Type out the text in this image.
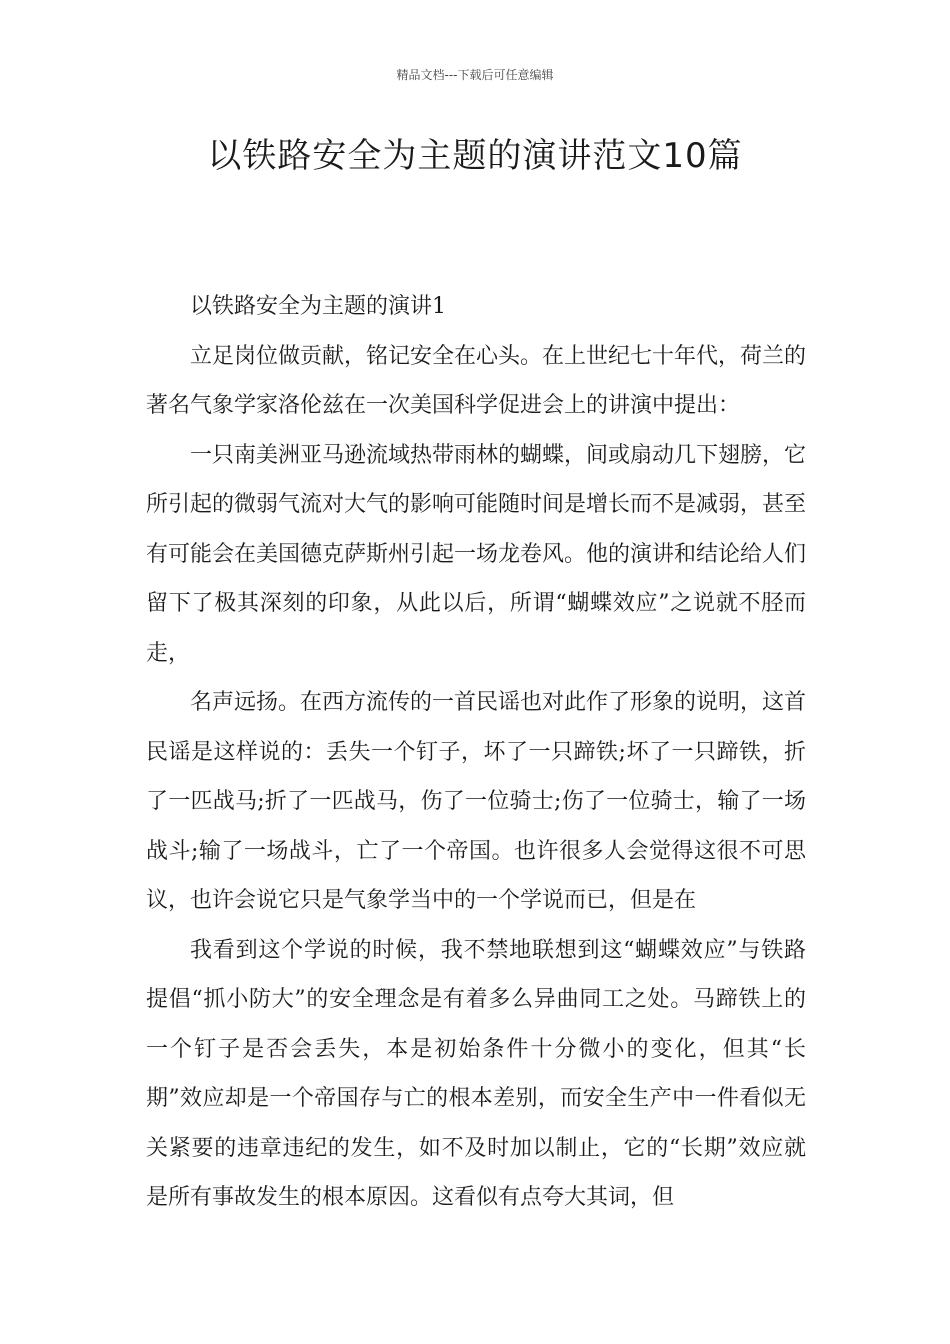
精品文档---下载后可任意编辑
以铁路安全为主题的演讲范文10篇

以铁路安全为主题的演讲1

立足岗位做贡献，铭记安全在心头。在上世纪七十年代，荷兰的著名气象学家洛伦兹在一次美国科学促进会上的讲演中提出：

一只南美洲亚马逊流域热带雨林的蝴蝶，间或扇动几下翅膀，它所引起的微弱气流对大气的影响可能随时间是增长而不是减弱，甚至有可能会在美国德克萨斯州引起一场龙卷风。他的演讲和结论给人们留下了极其深刻的印象，从此以后，所谓“蝴蝶效应”之说就不胫而走，

名声远扬。在西方流传的一首民谣也对此作了形象的说明，这首民谣是这样说的：丢失一个钉子，坏了一只蹄铁;坏了一只蹄铁，折了一匹战马;折了一匹战马，伤了一位骑士;伤了一位骑士，输了一场战斗;输了一场战斗，亡了一个帝国。也许很多人会觉得这很不可思议，也许会说它只是气象学当中的一个学说而已，但是在

我看到这个学说的时候，我不禁地联想到这“蝴蝶效应”与铁路提倡“抓小防大”的安全理念是有着多么异曲同工之处。马蹄铁上的一个钉子是否会丢失，本是初始条件十分微小的变化，但其“长期”效应却是一个帝国存与亡的根本差别，而安全生产中一件看似无关紧要的违章违纪的发生，如不及时加以制止，它的“长期”效应就是所有事故发生的根本原因。这看似有点夸大其词，但
